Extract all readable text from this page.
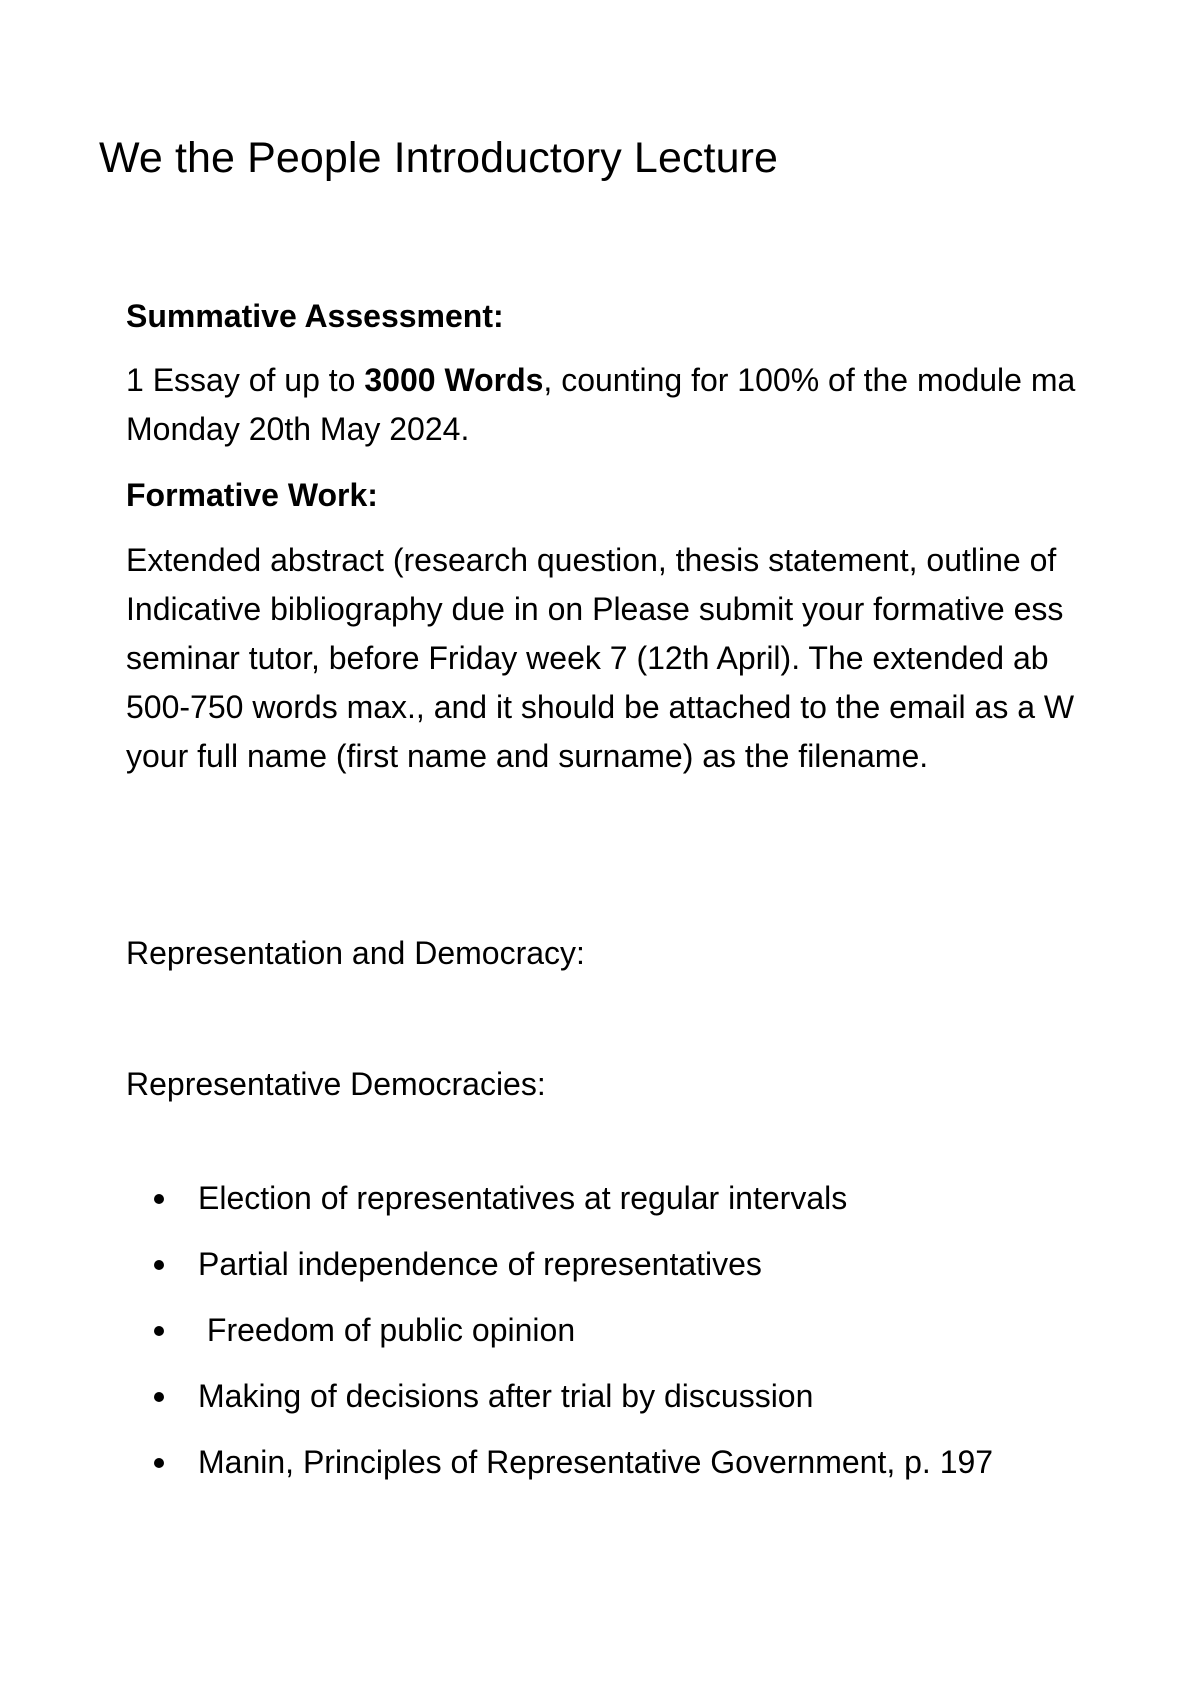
We the People Introductory Lecture
Summative Assessment:
1 Essay of up to 3000 Words, counting for 100% of the module ma
Monday 20th May 2024.
Formative Work:
Extended abstract (research question, thesis statement, outline of
Indicative bibliography due in on Please submit your formative ess
seminar tutor, before Friday week 7 (12th April). The extended ab
500-750 words max., and it should be attached to the email as a W
your full name (first name and surname) as the filename.
Representation and Democracy:
Representative Democracies:
Election of representatives at regular intervals
Partial independence of representatives
Freedom of public opinion
Making of decisions after trial by discussion
Manin, Principles of Representative Government, p. 197
